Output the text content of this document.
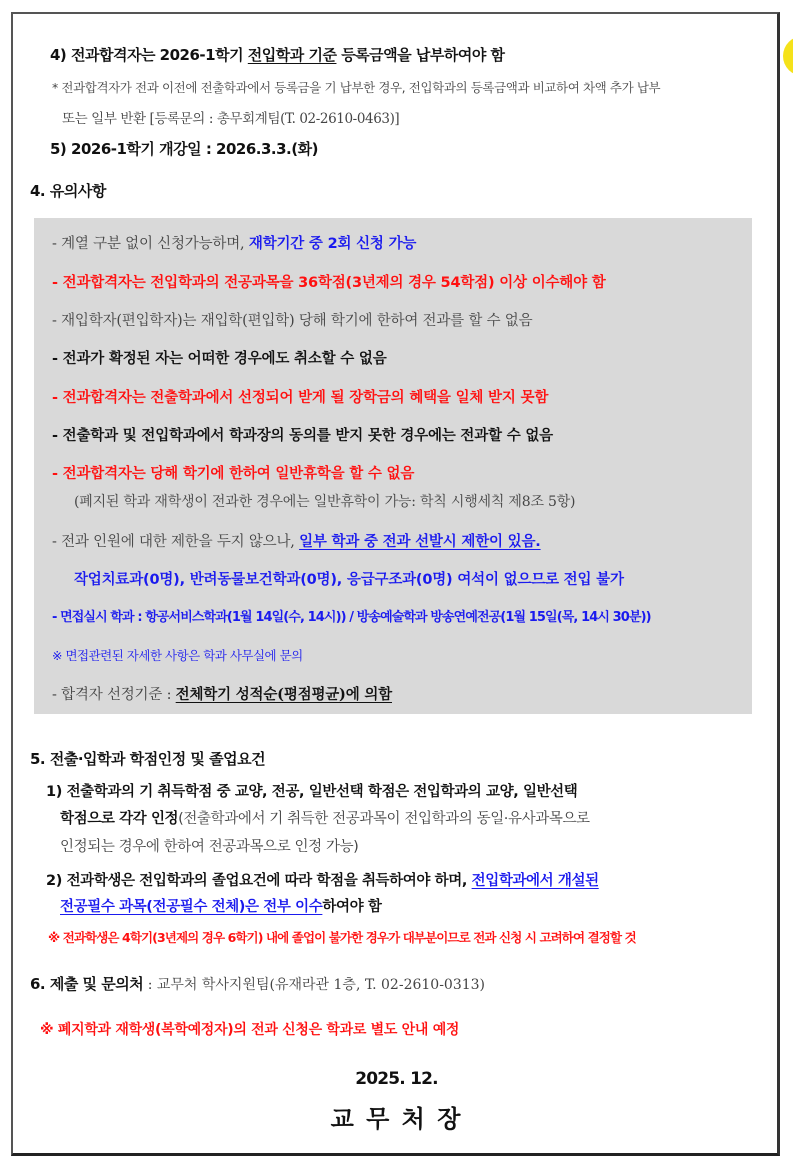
4) 전과합격자는 2026-1학기 전입학과 기준 등록금액을 납부하여야 함
* 전과합격자가 전과 이전에 전출학과에서 등록금을 기 납부한 경우, 전입학과의 등록금액과 비교하여 차액 추가 납부
또는 일부 반환 [등록문의 : 총무회계팀(T. 02-2610-0463)]
5) 2026-1학기 개강일 : 2026.3.3.(화)
4. 유의사항
- 계열 구분 없이 신청가능하며, 재학기간 중 2회 신청 가능
- 전과합격자는 전입학과의 전공과목을 36학점(3년제의 경우 54학점) 이상 이수해야 함
- 재입학자(편입학자)는 재입학(편입학) 당해 학기에 한하여 전과를 할 수 없음
- 전과가 확정된 자는 어떠한 경우에도 취소할 수 없음
- 전과합격자는 전출학과에서 선정되어 받게 될 장학금의 혜택을 일체 받지 못함
- 전출학과 및 전입학과에서 학과장의 동의를 받지 못한 경우에는 전과할 수 없음
- 전과합격자는 당해 학기에 한하여 일반휴학을 할 수 없음
(폐지된 학과 재학생이 전과한 경우에는 일반휴학이 가능: 학칙 시행세칙 제8조 5항)
- 전과 인원에 대한 제한을 두지 않으나, 일부 학과 중 전과 선발시 제한이 있음.
작업치료과(0명), 반려동물보건학과(0명), 응급구조과(0명) 여석이 없으므로 전입 불가
- 면접실시 학과 : 항공서비스학과(1월 14일(수, 14시)) / 방송예술학과 방송연예전공(1월 15일(목, 14시 30분))
※ 면접관련된 자세한 사항은 학과 사무실에 문의
- 합격자 선정기준 : 전체학기 성적순(평점평균)에 의함
5. 전출·입학과 학점인정 및 졸업요건
1) 전출학과의 기 취득학점 중 교양, 전공, 일반선택 학점은 전입학과의 교양, 일반선택
학점으로 각각 인정(전출학과에서 기 취득한 전공과목이 전입학과의 동일·유사과목으로
인정되는 경우에 한하여 전공과목으로 인정 가능)
2) 전과학생은 전입학과의 졸업요건에 따라 학점을 취득하여야 하며, 전입학과에서 개설된
전공필수 과목(전공필수 전체)은 전부 이수하여야 함
※ 전과학생은 4학기(3년제의 경우 6학기) 내에 졸업이 불가한 경우가 대부분이므로 전과 신청 시 고려하여 결정할 것
6. 제출 및 문의처 : 교무처 학사지원팀(유재라관 1층, T. 02-2610-0313)
※ 폐지학과 재학생(복학예정자)의 전과 신청은 학과로 별도 안내 예정
2025. 12.
교 무 처 장
